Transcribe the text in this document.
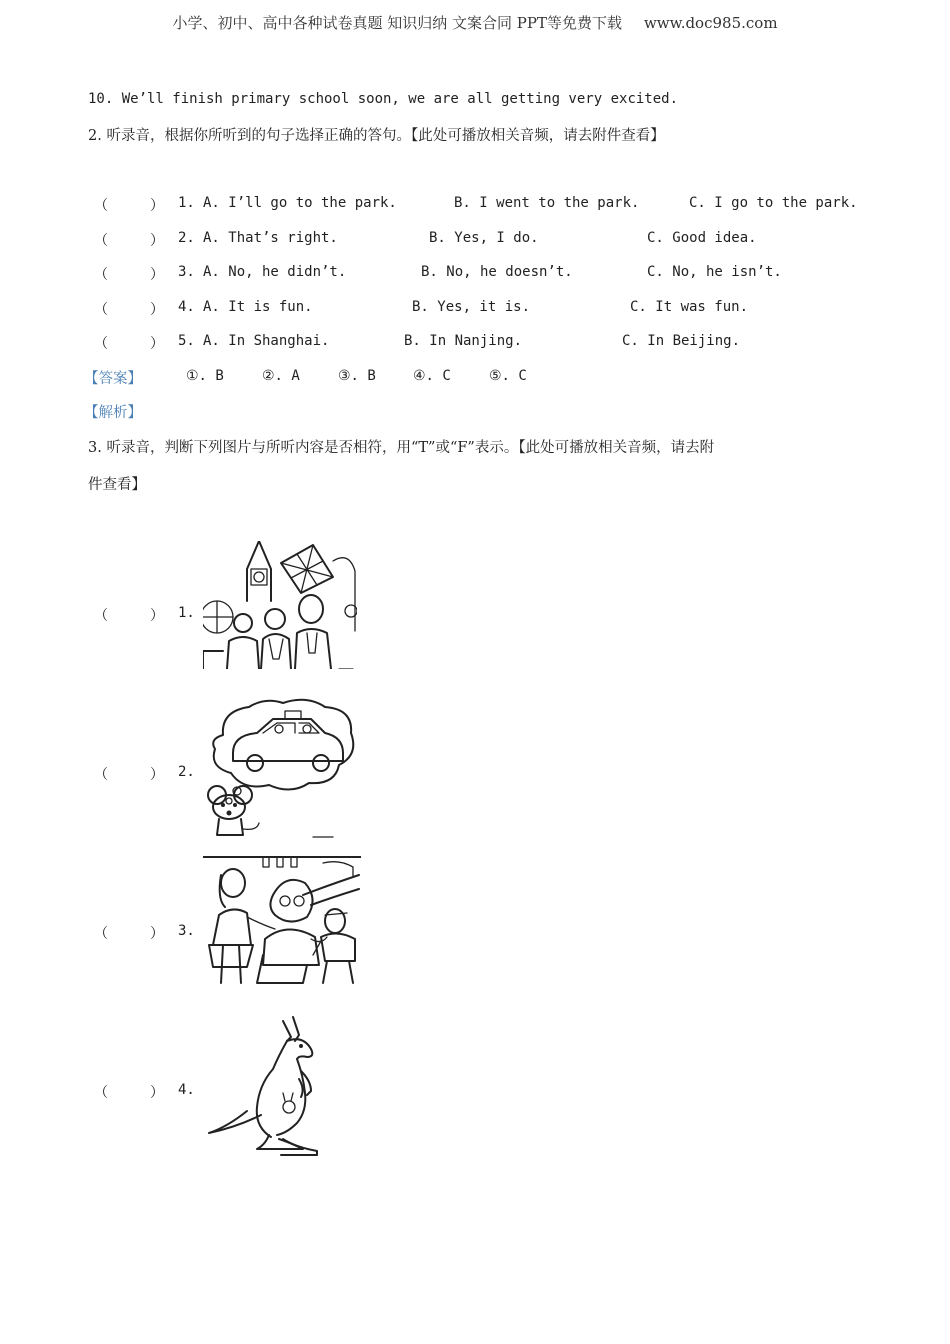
小学、初中、高中各种试卷真题 知识归纳 文案合同 PPT等免费下载 www.doc985.com
10. We’ll finish primary school soon, we are all getting very excited.
2. 听录音，根据你所听到的句子选择正确的答句。【此处可播放相关音频，请去附件查看】
（	） 1. A. I’ll go to the park.	B. I went to the park.	C. I go to the park.
（	） 2. A. That’s right.	B. Yes, I do.	C. Good idea.
（	） 3. A. No, he didn’t.	B. No, he doesn’t.	C. No, he isn’t.
（	） 4. A. It is fun.	B. Yes, it is.	C. It was fun.
（	） 5. A. In Shanghai.	B. In Nanjing.	C. In Beijing.
【答案】	①. B	②. A	③. B	④. C	⑤. C
【解析】
3. 听录音，判断下列图片与所听内容是否相符，用“T”或“F”表示。【此处可播放相关音频，请去附
件查看】
（	） 1.
（	） 2.
（	） 3.
（	） 4.
